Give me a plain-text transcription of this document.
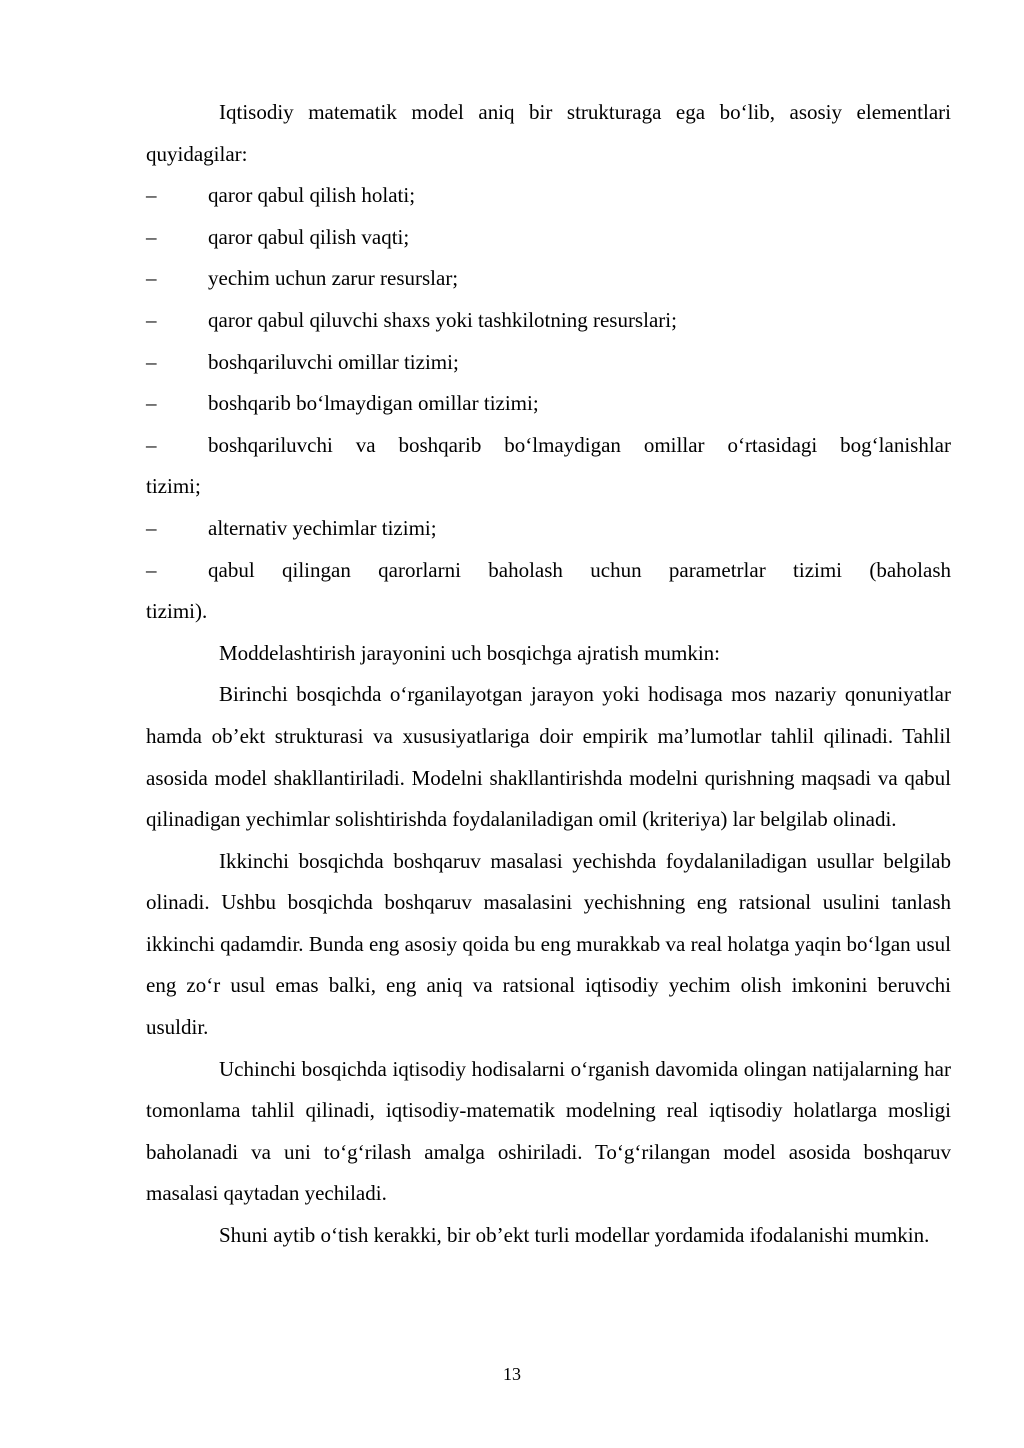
Iqtisodiy matematik model aniq bir strukturaga ega bo‘lib, asosiy elementlari quyidagilar:

– qaror qabul qilish holati;

– qaror qabul qilish vaqti;

– yechim uchun zarur resurslar;

– qaror qabul qiluvchi shaxs yoki tashkilotning resurslari;

– boshqariluvchi omillar tizimi;

– boshqarib bo‘lmaydigan omillar tizimi;

– boshqariluvchi va boshqarib bo‘lmaydigan omillar o‘rtasidagi bog‘lanishlar
tizimi;

– alternativ yechimlar tizimi;

– qabul qilingan qarorlarni baholash uchun parametrlar tizimi (baholash
tizimi).

Moddelashtirish jarayonini uch bosqichga ajratish mumkin:

Birinchi bosqichda o‘rganilayotgan jarayon yoki hodisaga mos nazariy qonuniyatlar hamda ob’ekt strukturasi va xususiyatlariga doir empirik ma’lumotlar tahlil qilinadi. Tahlil asosida model shakllantiriladi. Modelni shakllantirishda modelni qurishning maqsadi va qabul qilinadigan yechimlar solishtirishda foydalaniladigan omil (kriteriya) lar belgilab olinadi.

Ikkinchi bosqichda boshqaruv masalasi yechishda foydalaniladigan usullar belgilab olinadi. Ushbu bosqichda boshqaruv masalasini yechishning eng ratsional usulini tanlash ikkinchi qadamdir. Bunda eng asosiy qoida bu eng murakkab va real holatga yaqin bo‘lgan usul eng zo‘r usul emas balki, eng aniq va ratsional iqtisodiy yechim olish imkonini beruvchi usuldir.

Uchinchi bosqichda iqtisodiy hodisalarni o‘rganish davomida olingan natijalarning har tomonlama tahlil qilinadi, iqtisodiy-matematik modelning real iqtisodiy holatlarga mosligi baholanadi va uni to‘g‘rilash amalga oshiriladi. To‘g‘rilangan model asosida boshqaruv masalasi qaytadan yechiladi.

Shuni aytib o‘tish kerakki, bir ob’ekt turli modellar yordamida ifodalanishi mumkin.

13
